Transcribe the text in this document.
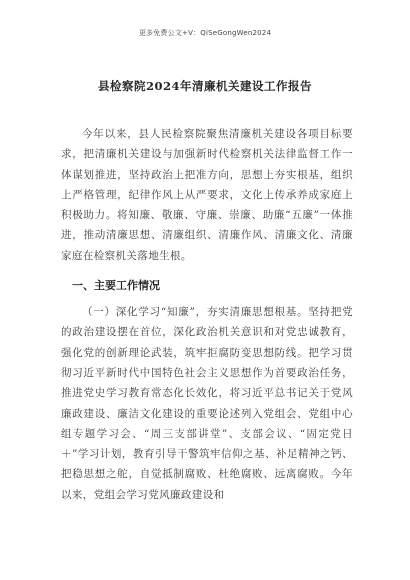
更多免费公文+V：QiSeGongWen2024
县检察院2024年清廉机关建设工作报告

今年以来，县人民检察院聚焦清廉机关建设各项目标要求，把清廉机关建设与加强新时代检察机关法律监督工作一体谋划推进，坚持政治上把准方向，思想上夯实根基，组织上严格管理，纪律作风上从严要求，文化上传承养成家庭上积极助力。将知廉、敬廉、守廉、崇廉、助廉“五廉”一体推进，推动清廉思想、清廉组织、清廉作风、清廉文化、清廉家庭在检察机关落地生根。

一、主要工作情况

（一）深化学习“知廉”，夯实清廉思想根基。坚持把党的政治建设摆在首位，深化政治机关意识和对党忠诚教育，强化党的创新理论武装，筑牢拒腐防变思想防线。把学习贯彻习近平新时代中国特色社会主义思想作为首要政治任务，推进党史学习教育常态化长效化，将习近平总书记关于党风廉政建设、廉洁文化建设的重要论述列入党组会、党组中心组专题学习会、“周三支部讲堂”、支部会议、“固定党日＋”学习计划，教育引导干警筑牢信仰之基、补足精神之钙、把稳思想之舵，自觉抵制腐败、杜绝腐败、远离腐败。今年以来，党组会学习党风廉政建设和
